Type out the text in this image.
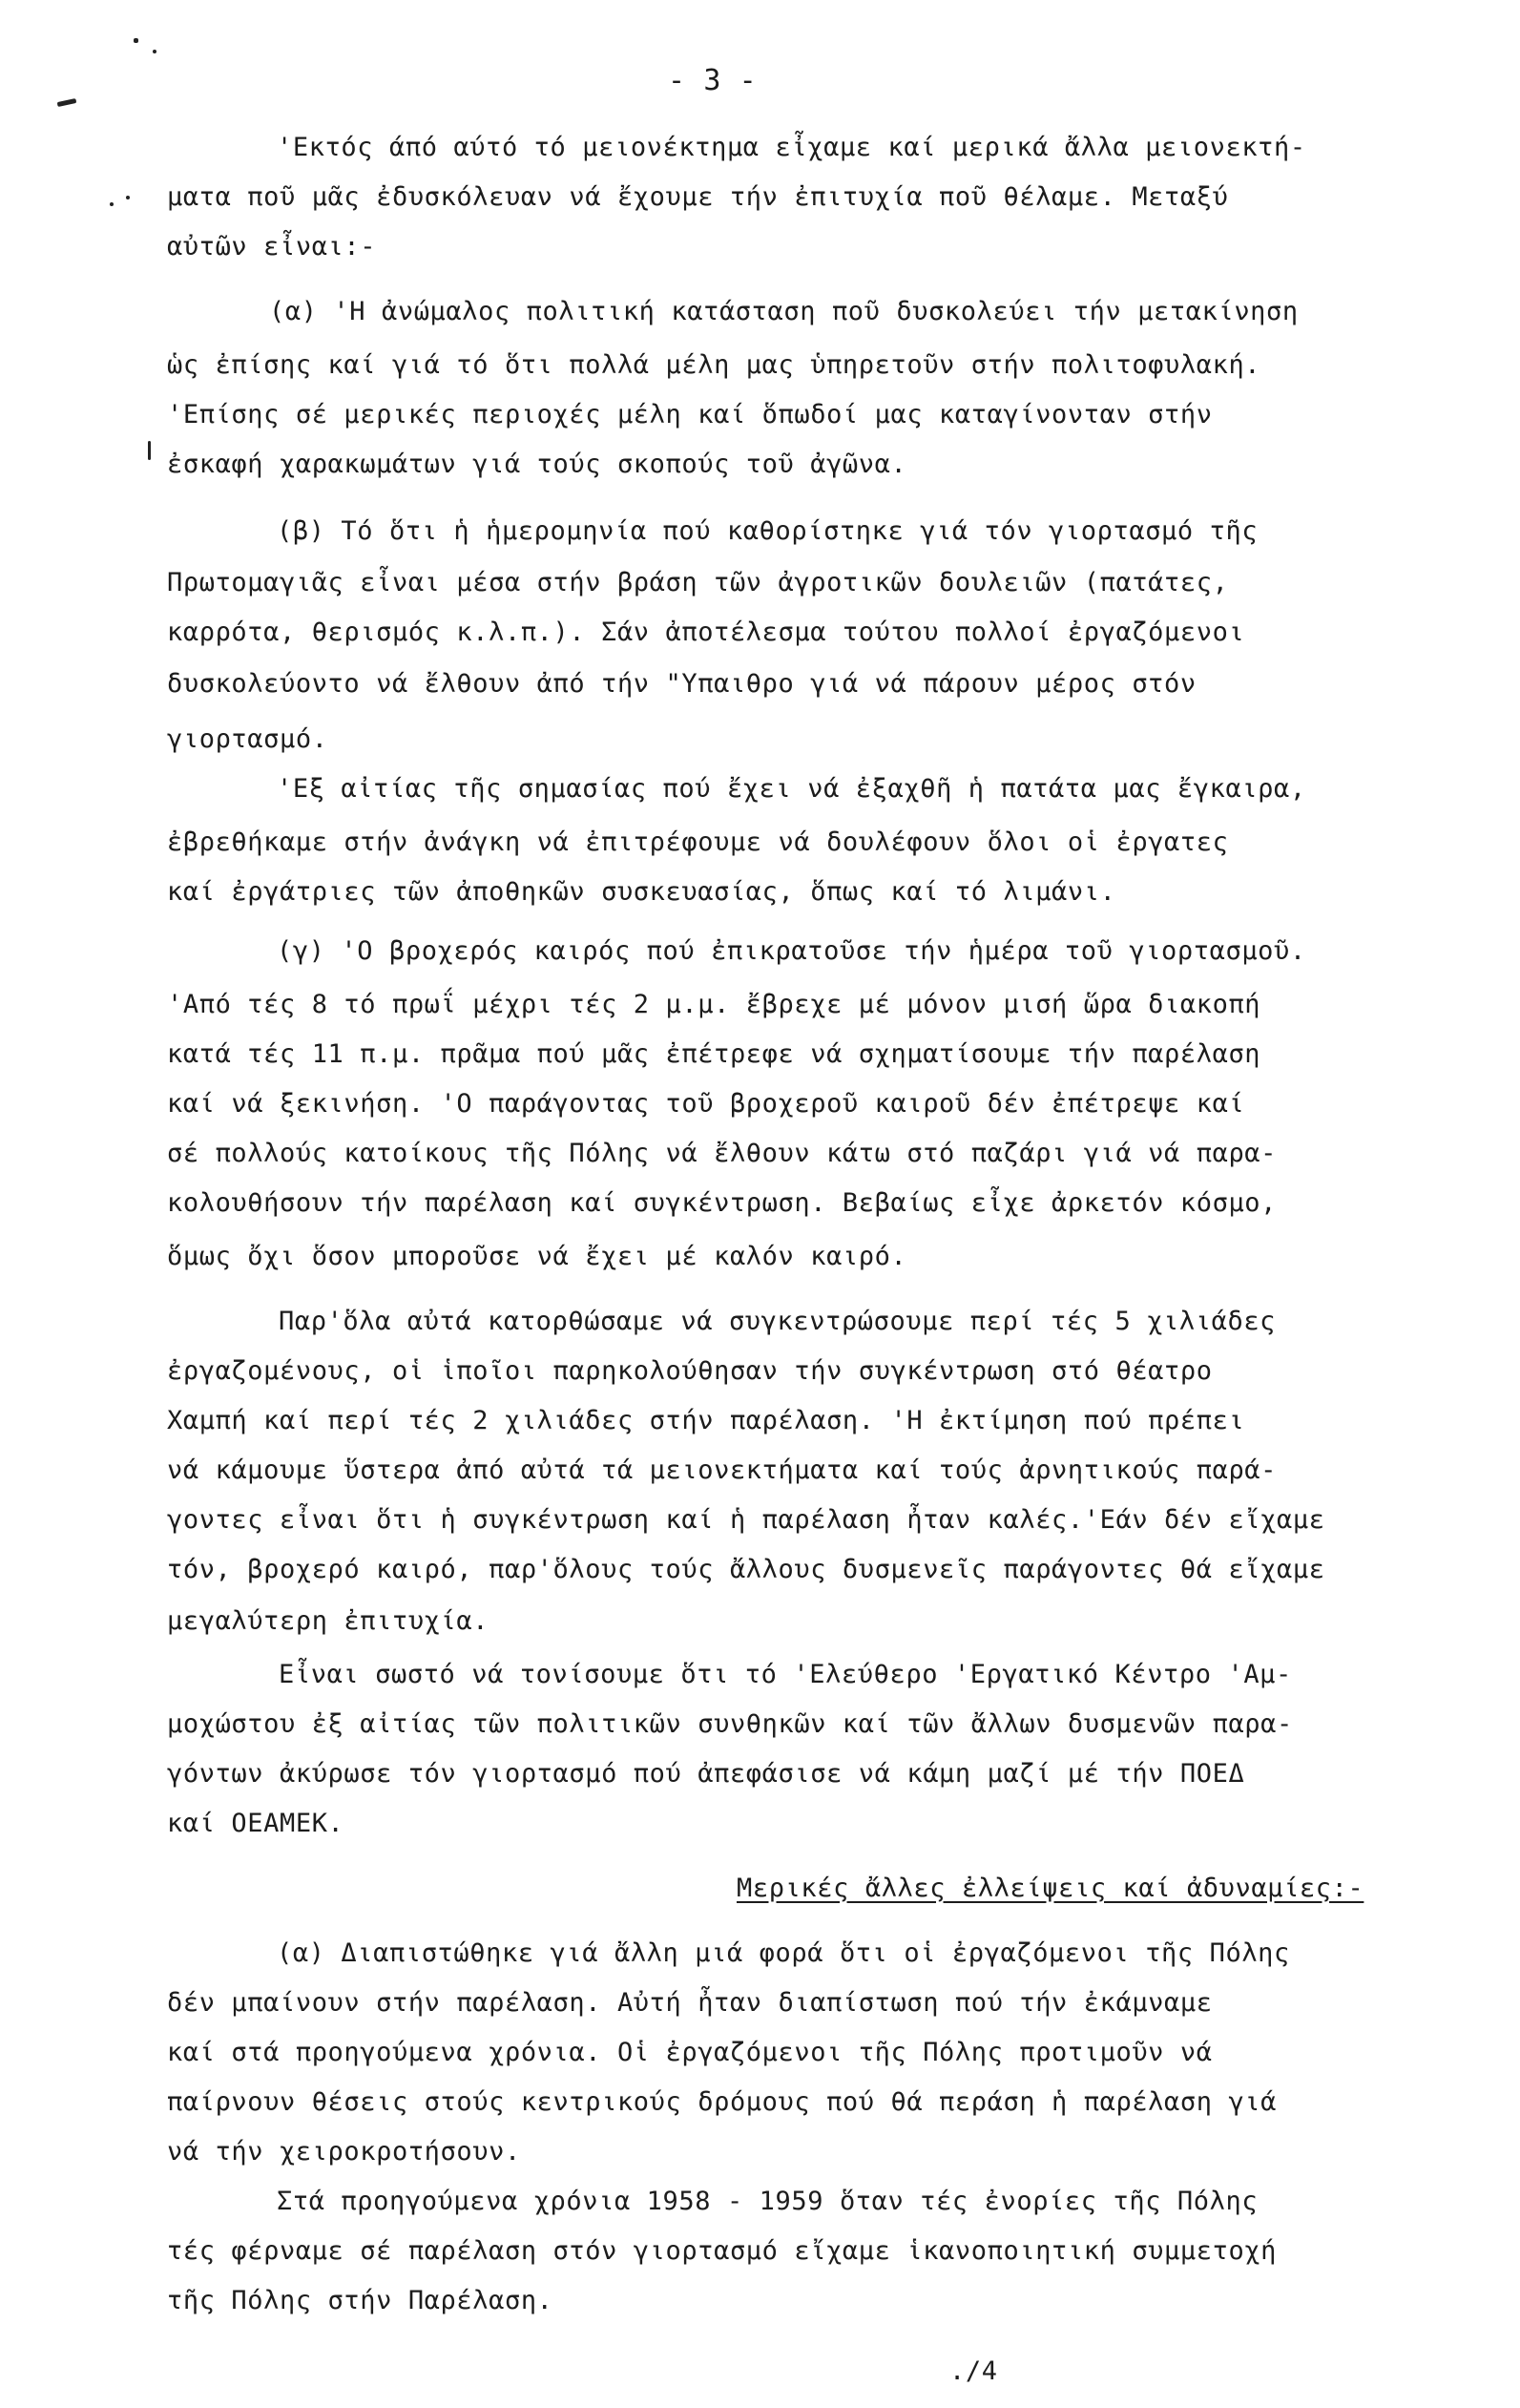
- 3 -
'Εκτός άπό αύτό τό μειονέκτημα εἶχαμε καί μερικά ἄλλα μειονεκτή-
ματα ποῦ μᾶς ἐδυσκόλευαν νά ἔχουμε τήν ἐπιτυχία ποῦ θέλαμε. Μεταξύ
αὐτῶν εἶναι:-
(α) 'Η ἀνώμαλος πολιτική κατάσταση ποῦ δυσκολεύει τήν μετακίνηση
ὡς ἐπίσης καί γιά τό ὅτι πολλά μέλη μας ὑπηρετοῦν στήν πολιτοφυλακή.
'Επίσης σέ μερικές περιοχές μέλη καί ὅπωδοί μας καταγίνονταν στήν
ἐσκαφή χαρακωμάτων γιά τούς σκοπούς τοῦ ἀγῶνα.
(β) Τό ὅτι ἡ ἡμερομηνία πού καθορίστηκε γιά τόν γιορτασμό τῆς
Πρωτομαγιᾶς εἶναι μέσα στήν βράση τῶν ἀγροτικῶν δουλειῶν (πατάτες,
καρρότα, θερισμός κ.λ.π.). Σάν ἀποτέλεσμα τούτου πολλοί ἐργαζόμενοι
δυσκολεύοντο νά ἔλθουν ἀπό τήν "Υπαιθρο γιά νά πάρουν μέρος στόν
γιορτασμό.
'Εξ αἰτίας τῆς σημασίας πού ἔχει νά ἐξαχθῆ ἡ πατάτα μας ἔγκαιρα,
ἐβρεθήκαμε στήν ἀνάγκη νά ἐπιτρέφουμε νά δουλέφουν ὅλοι οἱ ἐργατες
καί ἐργάτριες τῶν ἀποθηκῶν συσκευασίας, ὅπως καί τό λιμάνι.
(γ) 'Ο βροχερός καιρός πού ἐπικρατοῦσε τήν ἡμέρα τοῦ γιορτασμοῦ.
'Από τές 8 τό πρωΐ μέχρι τές 2 μ.μ. ἔβρεχε μέ μόνον μισή ὥρα διακοπή
κατά τές 11 π.μ. πρᾶμα πού μᾶς ἐπέτρεφε νά σχηματίσουμε τήν παρέλαση
καί νά ξεκινήση. 'Ο παράγοντας τοῦ βροχεροῦ καιροῦ δέν ἐπέτρεψε καί
σέ πολλούς κατοίκους τῆς Πόλης νά ἔλθουν κάτω στό παζάρι γιά νά παρα-
κολουθήσουν τήν παρέλαση καί συγκέντρωση. Βεβαίως εἶχε ἀρκετόν κόσμο,
ὅμως ὄχι ὅσον μποροῦσε νά ἔχει μέ καλόν καιρό.
Παρ'ὅλα αὐτά κατορθώσαμε νά συγκεντρώσουμε περί τές 5 χιλιάδες
ἐργαζομένους, οἱ ἱποῖοι παρηκολούθησαν τήν συγκέντρωση στό θέατρο
Χαμπή καί περί τές 2 χιλιάδες στήν παρέλαση. 'Η ἐκτίμηση πού πρέπει
νά κάμουμε ὕστερα ἀπό αὐτά τά μειονεκτήματα καί τούς ἀρνητικούς παρά-
γοντες εἶναι ὅτι ἡ συγκέντρωση καί ἡ παρέλαση ἦταν καλές.'Εάν δέν εἴχαμε
τόν, βροχερό καιρό, παρ'ὅλους τούς ἄλλους δυσμενεῖς παράγοντες θά εἴχαμε
μεγαλύτερη ἐπιτυχία.
Εἶναι σωστό νά τονίσουμε ὅτι τό 'Ελεύθερο 'Εργατικό Κέντρο 'Αμ-
μοχώστου ἐξ αἰτίας τῶν πολιτικῶν συνθηκῶν καί τῶν ἄλλων δυσμενῶν παρα-
γόντων ἀκύρωσε τόν γιορτασμό πού ἀπεφάσισε νά κάμη μαζί μέ τήν ΠΟΕΔ
καί ΟΕΑΜΕΚ.
Μερικές ἄλλες ἐλλείψεις καί ἀδυναμίες:-
(α) Διαπιστώθηκε γιά ἄλλη μιά φορά ὅτι οἱ ἐργαζόμενοι τῆς Πόλης
δέν μπαίνουν στήν παρέλαση. Αὐτή ἦταν διαπίστωση πού τήν ἐκάμναμε
καί στά προηγούμενα χρόνια. Οἱ ἐργαζόμενοι τῆς Πόλης προτιμοῦν νά
παίρνουν θέσεις στούς κεντρικούς δρόμους πού θά περάση ἡ παρέλαση γιά
νά τήν χειροκροτήσουν.
Στά προηγούμενα χρόνια 1958 - 1959 ὅταν τές ἐνορίες τῆς Πόλης
τές φέρναμε σέ παρέλαση στόν γιορτασμό εἴχαμε ἱκανοποιητική συμμετοχή
τῆς Πόλης στήν Παρέλαση.
./4
